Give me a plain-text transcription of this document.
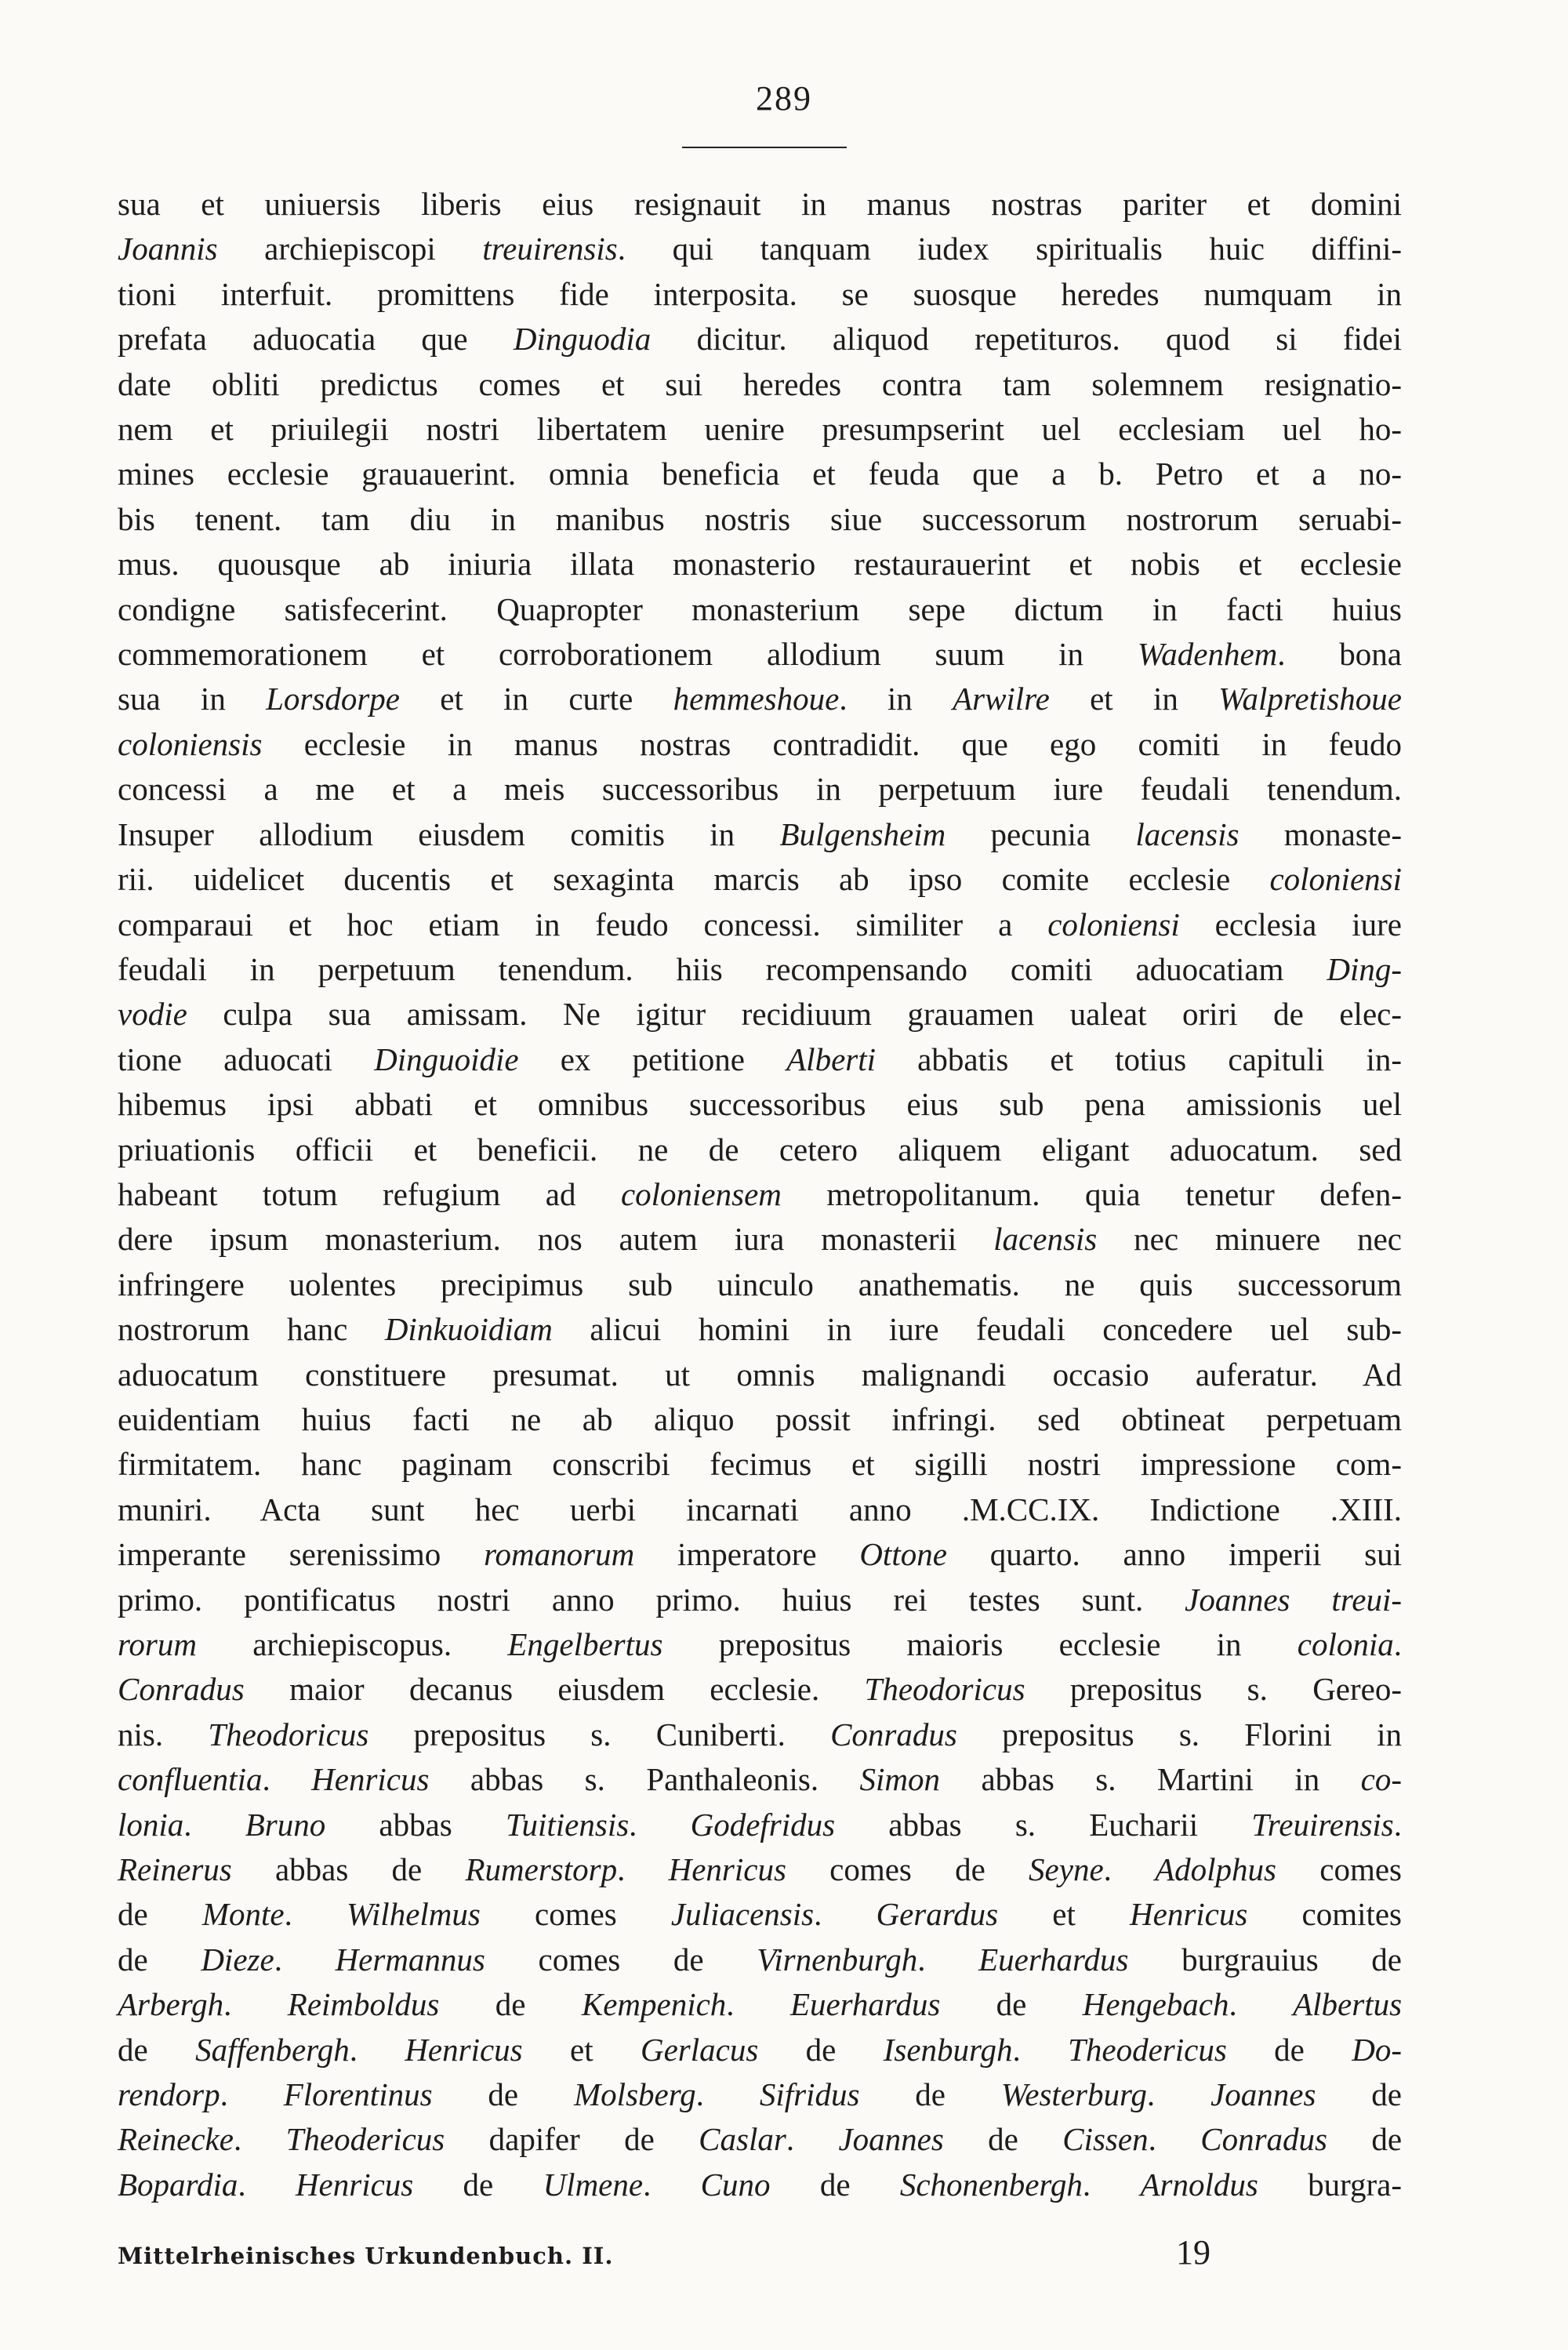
289
sua et uniuersis liberis eius resignauit in manus nostras pariter et domini
Joannis archiepiscopi treuirensis. qui tanquam iudex spiritualis huic diffini-
tioni interfuit. promittens fide interposita. se suosque heredes numquam in
prefata aduocatia que Dinguodia dicitur. aliquod repetituros. quod si fidei
date obliti predictus comes et sui heredes contra tam solemnem resignatio-
nem et priuilegii nostri libertatem uenire presumpserint uel ecclesiam uel ho-
mines ecclesie grauauerint. omnia beneficia et feuda que a b. Petro et a no-
bis tenent. tam diu in manibus nostris siue successorum nostrorum seruabi-
mus. quousque ab iniuria illata monasterio restaurauerint et nobis et ecclesie
condigne satisfecerint. Quapropter monasterium sepe dictum in facti huius
commemorationem et corroborationem allodium suum in Wadenhem. bona
sua in Lorsdorpe et in curte hemmeshoue. in Arwilre et in Walpretishoue
coloniensis ecclesie in manus nostras contradidit. que ego comiti in feudo
concessi a me et a meis successoribus in perpetuum iure feudali tenendum.
Insuper allodium eiusdem comitis in Bulgensheim pecunia lacensis monaste-
rii. uidelicet ducentis et sexaginta marcis ab ipso comite ecclesie coloniensi
comparaui et hoc etiam in feudo concessi. similiter a coloniensi ecclesia iure
feudali in perpetuum tenendum. hiis recompensando comiti aduocatiam Ding-
vodie culpa sua amissam. Ne igitur recidiuum grauamen ualeat oriri de elec-
tione aduocati Dinguoidie ex petitione Alberti abbatis et totius capituli in-
hibemus ipsi abbati et omnibus successoribus eius sub pena amissionis uel
priuationis officii et beneficii. ne de cetero aliquem eligant aduocatum. sed
habeant totum refugium ad coloniensem metropolitanum. quia tenetur defen-
dere ipsum monasterium. nos autem iura monasterii lacensis nec minuere nec
infringere uolentes precipimus sub uinculo anathematis. ne quis successorum
nostrorum hanc Dinkuoidiam alicui homini in iure feudali concedere uel sub-
aduocatum constituere presumat. ut omnis malignandi occasio auferatur. Ad
euidentiam huius facti ne ab aliquo possit infringi. sed obtineat perpetuam
firmitatem. hanc paginam conscribi fecimus et sigilli nostri impressione com-
muniri. Acta sunt hec uerbi incarnati anno .M.CC.IX. Indictione .XIII.
imperante serenissimo romanorum imperatore Ottone quarto. anno imperii sui
primo. pontificatus nostri anno primo. huius rei testes sunt. Joannes treui-
rorum archiepiscopus. Engelbertus prepositus maioris ecclesie in colonia.
Conradus maior decanus eiusdem ecclesie. Theodoricus prepositus s. Gereo-
nis. Theodoricus prepositus s. Cuniberti. Conradus prepositus s. Florini in
confluentia. Henricus abbas s. Panthaleonis. Simon abbas s. Martini in co-
lonia. Bruno abbas Tuitiensis. Godefridus abbas s. Eucharii Treuirensis.
Reinerus abbas de Rumerstorp. Henricus comes de Seyne. Adolphus comes
de Monte. Wilhelmus comes Juliacensis. Gerardus et Henricus comites
de Dieze. Hermannus comes de Virnenburgh. Euerhardus burgrauius de
Arbergh. Reimboldus de Kempenich. Euerhardus de Hengebach. Albertus
de Saffenbergh. Henricus et Gerlacus de Isenburgh. Theodericus de Do-
rendorp. Florentinus de Molsberg. Sifridus de Westerburg. Joannes de
Reinecke. Theodericus dapifer de Caslar. Joannes de Cissen. Conradus de
Bopardia. Henricus de Ulmene. Cuno de Schonenbergh. Arnoldus burgra-
Mittelrheinisches Urkundenbuch. II.	19
